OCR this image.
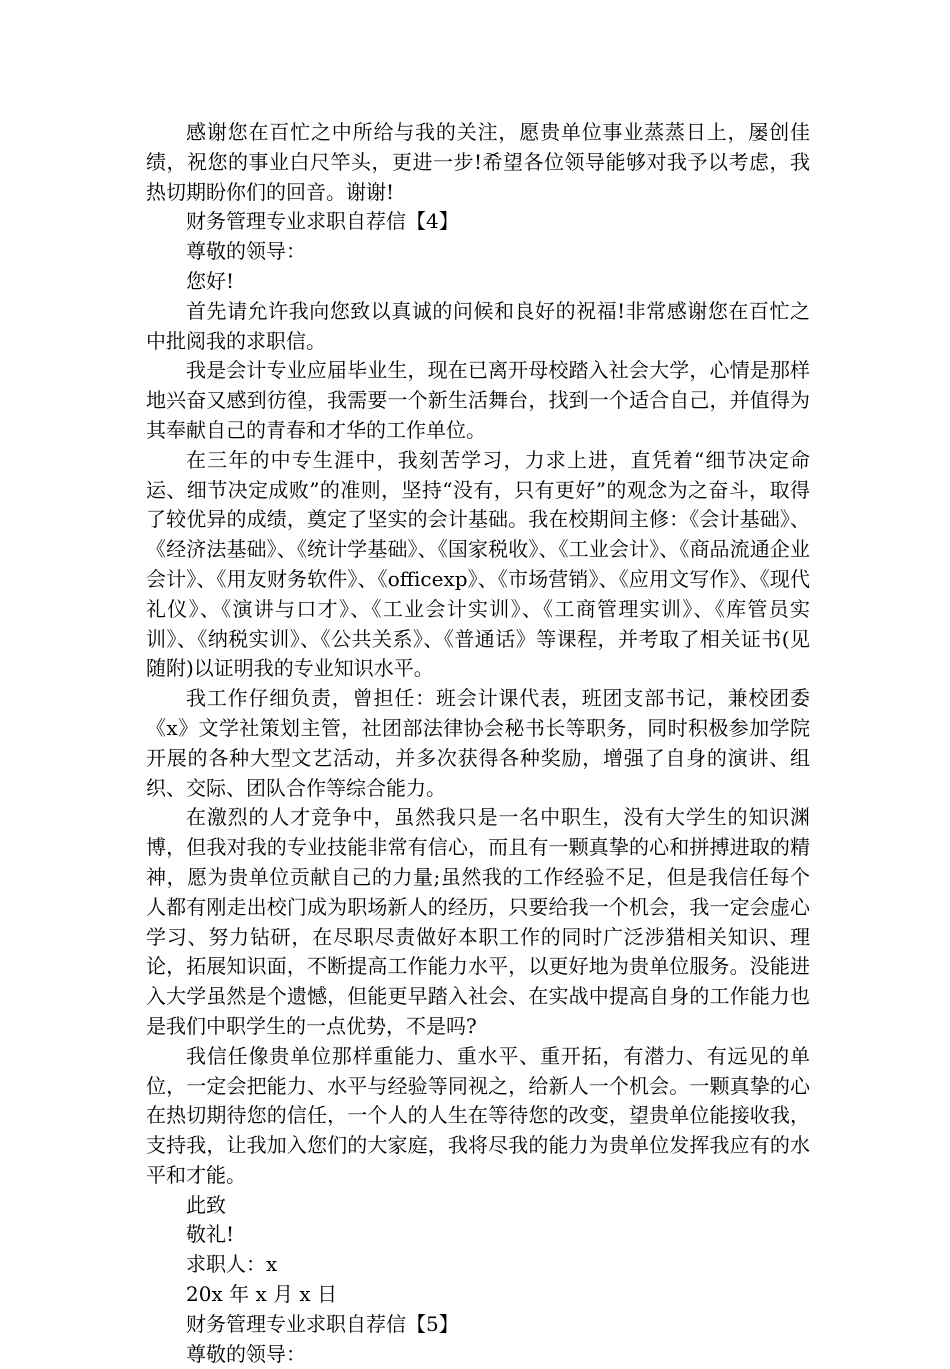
感谢您在百忙之中所给与我的关注，愿贵单位事业蒸蒸日上，屡创佳绩，祝您的事业白尺竿头，更进一步!希望各位领导能够对我予以考虑，我热切期盼你们的回音。谢谢!

财务管理专业求职自荐信【4】

尊敬的领导：

您好!

首先请允许我向您致以真诚的问候和良好的祝福!非常感谢您在百忙之中批阅我的求职信。

我是会计专业应届毕业生，现在已离开母校踏入社会大学，心情是那样地兴奋又感到彷徨，我需要一个新生活舞台，找到一个适合自己，并值得为其奉献自己的青春和才华的工作单位。

在三年的中专生涯中，我刻苦学习，力求上进，直凭着“细节决定命运、细节决定成败”的准则，坚持“没有，只有更好”的观念为之奋斗，取得了较优异的成绩，奠定了坚实的会计基础。我在校期间主修：《会计基础》、《经济法基础》、《统计学基础》、《国家税收》、《工业会计》、《商品流通企业会计》、《用友财务软件》、《officexp》、《市场营销》、《应用文写作》、《现代礼仪》、《演讲与口才》、《工业会计实训》、《工商管理实训》、《库管员实训》、《纳税实训》、《公共关系》、《普通话》等课程，并考取了相关证书(见随附)以证明我的专业知识水平。

我工作仔细负责，曾担任：班会计课代表，班团支部书记，兼校团委《x》文学社策划主管，社团部法律协会秘书长等职务，同时积极参加学院开展的各种大型文艺活动，并多次获得各种奖励，增强了自身的演讲、组织、交际、团队合作等综合能力。

在激烈的人才竞争中，虽然我只是一名中职生，没有大学生的知识渊博，但我对我的专业技能非常有信心，而且有一颗真挚的心和拼搏进取的精神，愿为贵单位贡献自己的力量;虽然我的工作经验不足，但是我信任每个人都有刚走出校门成为职场新人的经历，只要给我一个机会，我一定会虚心学习、努力钻研，在尽职尽责做好本职工作的同时广泛涉猎相关知识、理论，拓展知识面，不断提高工作能力水平，以更好地为贵单位服务。没能进入大学虽然是个遗憾，但能更早踏入社会、在实战中提高自身的工作能力也是我们中职学生的一点优势，不是吗?

我信任像贵单位那样重能力、重水平、重开拓，有潜力、有远见的单位，一定会把能力、水平与经验等同视之，给新人一个机会。一颗真挚的心在热切期待您的信任，一个人的人生在等待您的改变，望贵单位能接收我，支持我，让我加入您们的大家庭，我将尽我的能力为贵单位发挥我应有的水平和才能。

此致

敬礼!

求职人：x

20x 年 x 月 x 日

财务管理专业求职自荐信【5】

尊敬的领导：
